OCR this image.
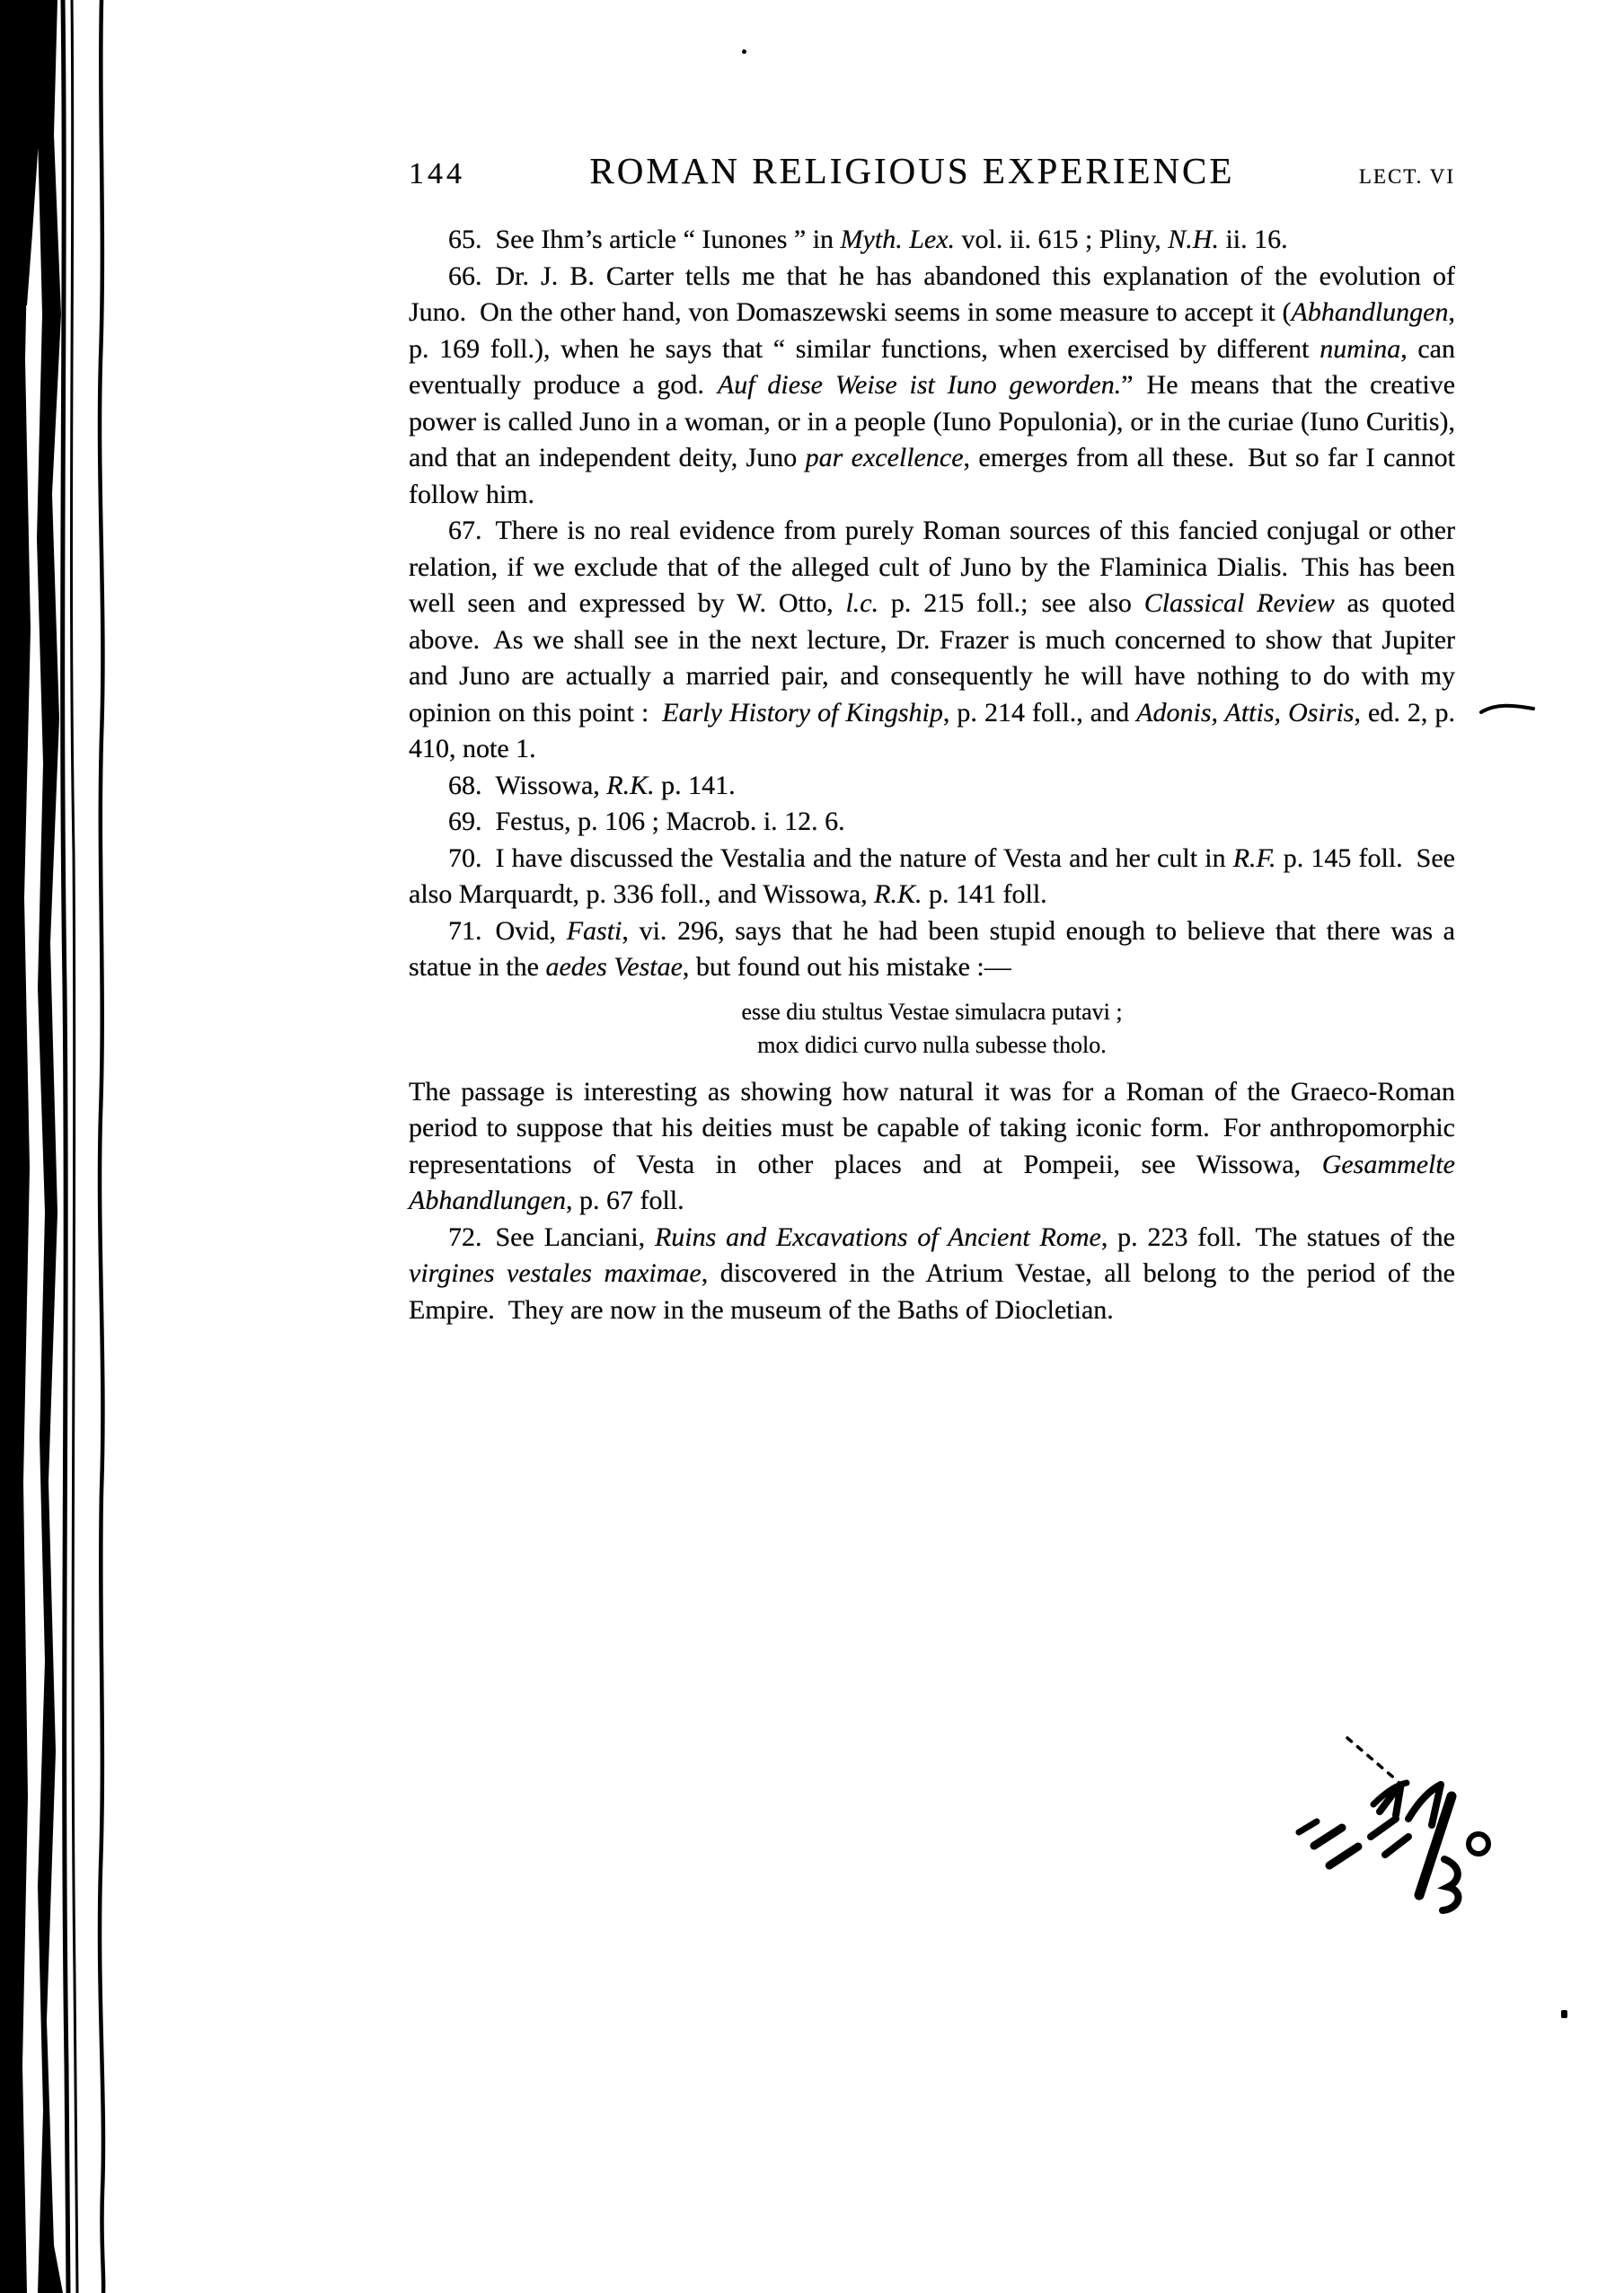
144	ROMAN RELIGIOUS EXPERIENCE	LECT. VI

65. See Ihm’s article “ Iunones ” in Myth. Lex. vol. ii. 615 ; Pliny, N.H. ii. 16.

66. Dr. J. B. Carter tells me that he has abandoned this explanation of the evolution of Juno. On the other hand, von Domaszewski seems in some measure to accept it (Abhandlungen, p. 169 foll.), when he says that “ similar functions, when exercised by different numina, can eventually produce a god. Auf diese Weise ist Iuno geworden.” He means that the creative power is called Juno in a woman, or in a people (Iuno Populonia), or in the curiae (Iuno Curitis), and that an independent deity, Juno par excellence, emerges from all these. But so far I cannot follow him.

67. There is no real evidence from purely Roman sources of this fancied conjugal or other relation, if we exclude that of the alleged cult of Juno by the Flaminica Dialis. This has been well seen and expressed by W. Otto, l.c. p. 215 foll.; see also Classical Review as quoted above. As we shall see in the next lecture, Dr. Frazer is much concerned to show that Jupiter and Juno are actually a married pair, and consequently he will have nothing to do with my opinion on this point : Early History of Kingship, p. 214 foll., and Adonis, Attis, Osiris, ed. 2, p. 410, note 1.

68. Wissowa, R.K. p. 141.

69. Festus, p. 106 ; Macrob. i. 12. 6.

70. I have discussed the Vestalia and the nature of Vesta and her cult in R.F. p. 145 foll. See also Marquardt, p. 336 foll., and Wissowa, R.K. p. 141 foll.

71. Ovid, Fasti, vi. 296, says that he had been stupid enough to believe that there was a statue in the aedes Vestae, but found out his mistake :—

esse diu stultus Vestae simulacra putavi ;
mox didici curvo nulla subesse tholo.

The passage is interesting as showing how natural it was for a Roman of the Graeco-Roman period to suppose that his deities must be capable of taking iconic form. For anthropomorphic representations of Vesta in other places and at Pompeii, see Wissowa, Gesammelte Abhandlungen, p. 67 foll.

72. See Lanciani, Ruins and Excavations of Ancient Rome, p. 223 foll. The statues of the virgines vestales maximae, discovered in the Atrium Vestae, all belong to the period of the Empire. They are now in the museum of the Baths of Diocletian.
